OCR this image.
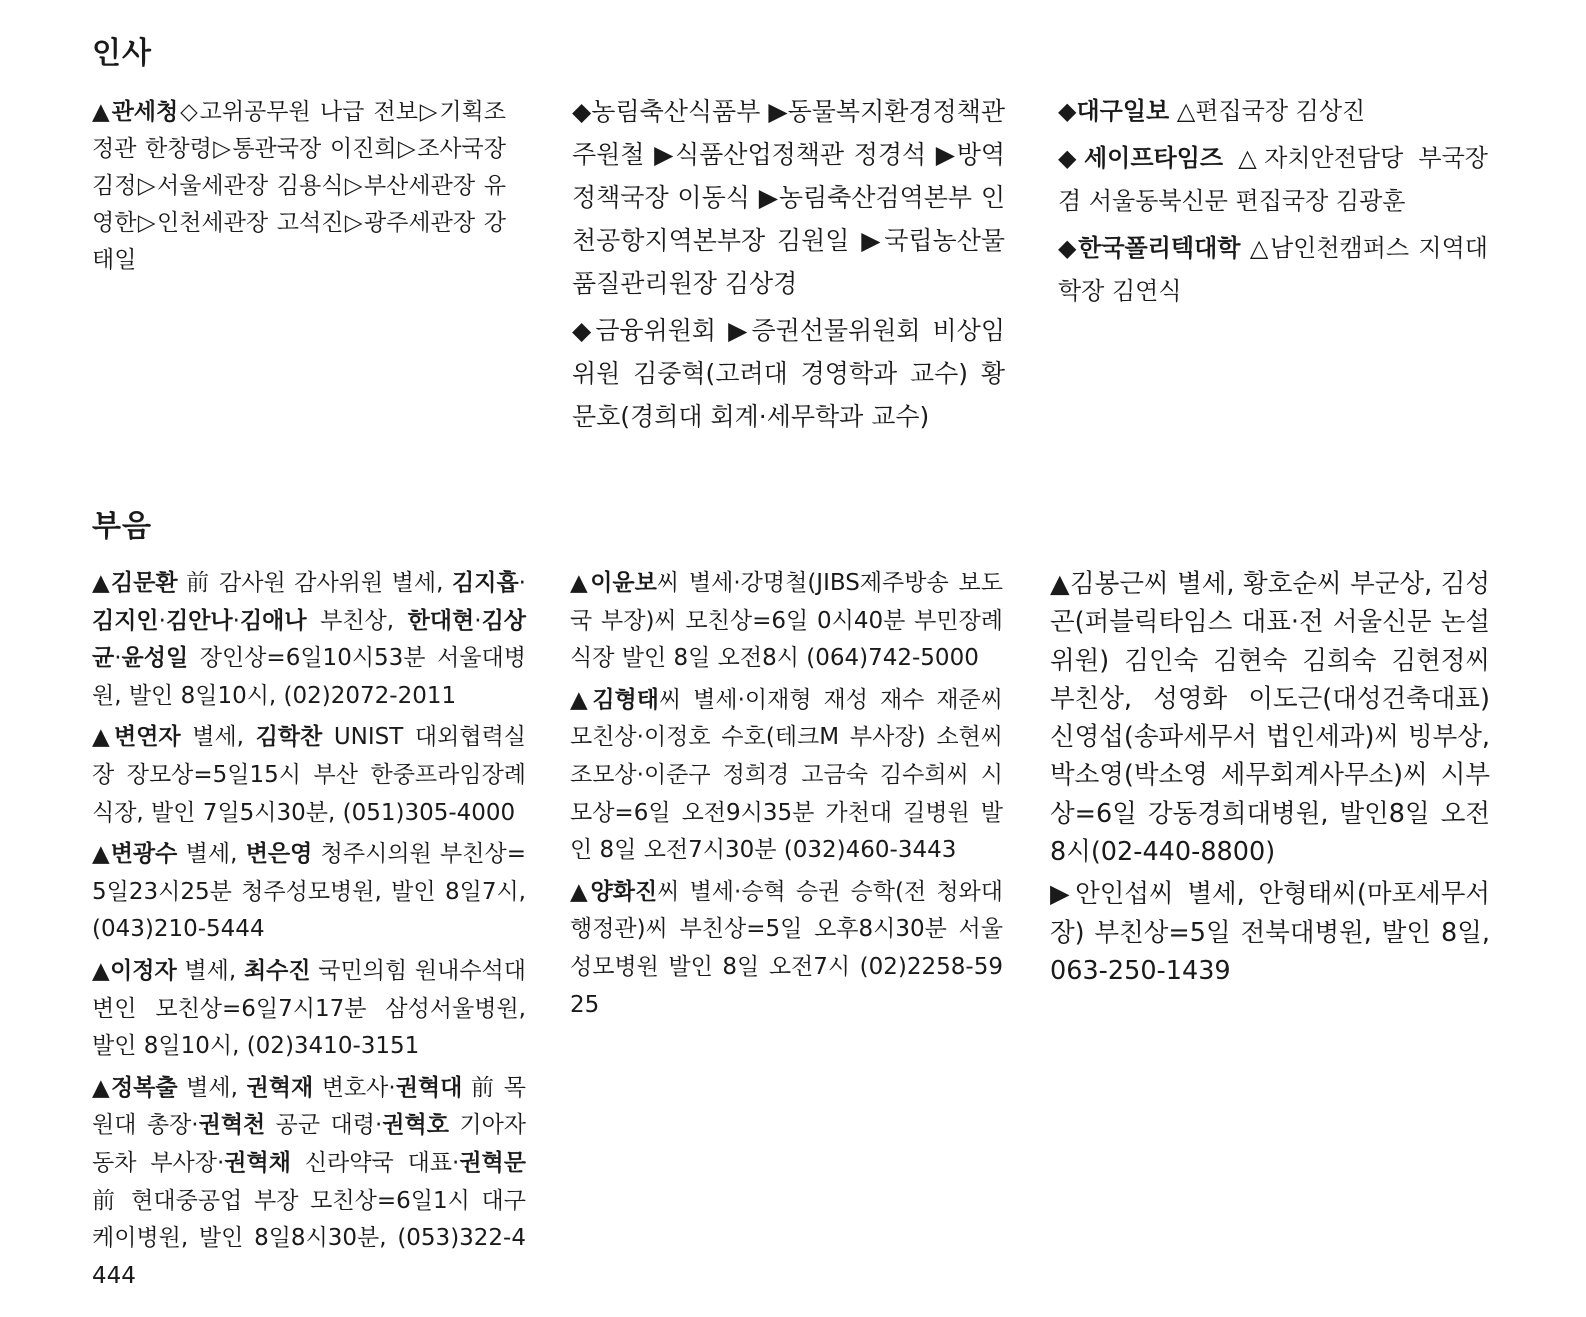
인사

▲관세청◇고위공무원 나급 전보▷기획조정관 한창령▷통관국장 이진희▷조사국장 김정▷서울세관장 김용식▷부산세관장 유영한▷인천세관장 고석진▷광주세관장 강태일

◆농림축산식품부 ▶동물복지환경정책관 주원철 ▶식품산업정책관 정경석 ▶방역정책국장 이동식 ▶농림축산검역본부 인천공항지역본부장 김원일 ▶국립농산물품질관리원장 김상경

◆금융위원회 ▶증권선물위원회 비상임위원 김중혁(고려대 경영학과 교수) 황문호(경희대 회계·세무학과 교수)

◆대구일보 △편집국장 김상진

◆세이프타임즈 △자치안전담당 부국장 겸 서울동북신문 편집국장 김광훈

◆한국폴리텍대학 △남인천캠퍼스 지역대학장 김연식

부음

▲김문환 前 감사원 감사위원 별세, 김지흡·김지인·김안나·김애나 부친상, 한대현·김상균·윤성일 장인상=6일10시53분 서울대병원, 발인 8일10시, (02)2072-2011

▲변연자 별세, 김학찬 UNIST 대외협력실장 장모상=5일15시 부산 한중프라임장례식장, 발인 7일5시30분, (051)305-4000

▲변광수 별세, 변은영 청주시의원 부친상=5일23시25분 청주성모병원, 발인 8일7시, (043)210-5444

▲이정자 별세, 최수진 국민의힘 원내수석대변인 모친상=6일7시17분 삼성서울병원, 발인 8일10시, (02)3410-3151

▲정복출 별세, 권혁재 변호사·권혁대 前 목원대 총장·권혁천 공군 대령·권혁호 기아자동차 부사장·권혁채 신라약국 대표·권혁문 前 현대중공업 부장 모친상=6일1시 대구 케이병원, 발인 8일8시30분, (053)322-4444

▲이윤보씨 별세·강명철(JIBS제주방송 보도국 부장)씨 모친상=6일 0시40분 부민장례식장 발인 8일 오전8시 (064)742-5000

▲김형태씨 별세·이재형 재성 재수 재준씨 모친상·이정호 수호(테크M 부사장) 소현씨 조모상·이준구 정희경 고금숙 김수희씨 시모상=6일 오전9시35분 가천대 길병원 발인 8일 오전7시30분 (032)460-3443

▲양화진씨 별세·승혁 승권 승학(전 청와대 행정관)씨 부친상=5일 오후8시30분 서울성모병원 발인 8일 오전7시 (02)2258-5925

▲김봉근씨 별세, 황호순씨 부군상, 김성곤(퍼블릭타임스 대표·전 서울신문 논설위원) 김인숙 김현숙 김희숙 김현정씨 부친상, 성영화 이도근(대성건축대표) 신영섭(송파세무서 법인세과)씨 빙부상, 박소영(박소영 세무회계사무소)씨 시부상=6일 강동경희대병원, 발인8일 오전8시(02-440-8800)

▶안인섭씨 별세, 안형태씨(마포세무서장) 부친상=5일 전북대병원, 발인 8일, 063-250-1439
